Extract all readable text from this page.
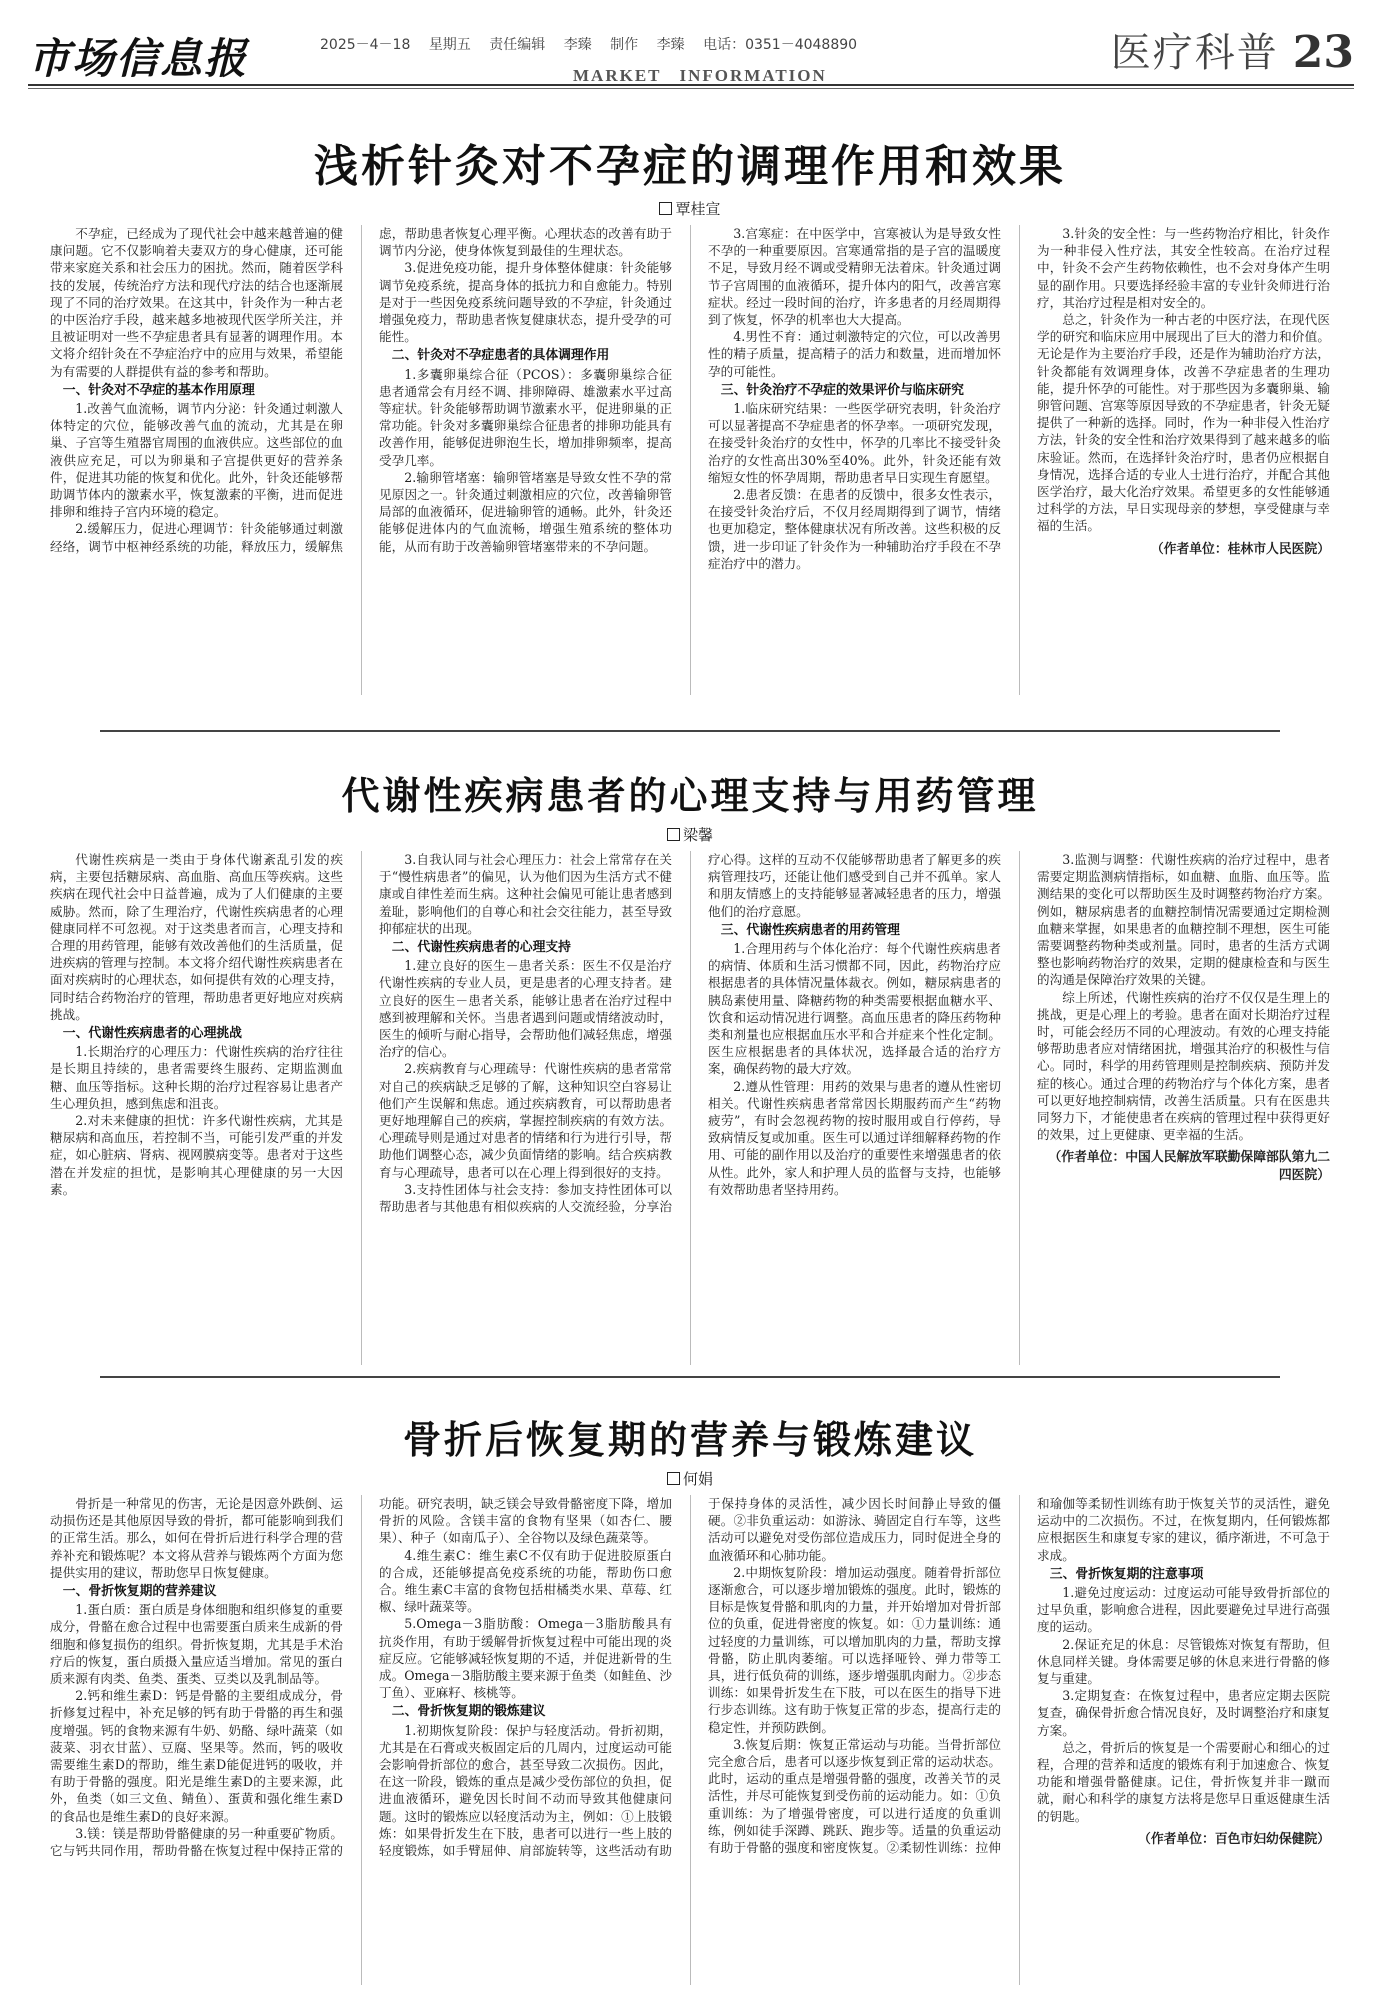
市场信息报	2025－4－18 星期五 责任编辑 李臻 制作 李臻 电话：0351－4048890
MARKET INFORMATION	医疗科普 23
浅析针灸对不孕症的调理作用和效果
覃桂宣

不孕症，已经成为了现代社会中越来越普遍的健康问题。它不仅影响着夫妻双方的身心健康，还可能带来家庭关系和社会压力的困扰。然而，随着医学科技的发展，传统治疗方法和现代疗法的结合也逐渐展现了不同的治疗效果。在这其中，针灸作为一种古老的中医治疗手段，越来越多地被现代医学所关注，并且被证明对一些不孕症患者具有显著的调理作用。本文将介绍针灸在不孕症治疗中的应用与效果，希望能为有需要的人群提供有益的参考和帮助。

一、针灸对不孕症的基本作用原理

1.改善气血流畅，调节内分泌：针灸通过刺激人体特定的穴位，能够改善气血的流动，尤其是在卵巢、子宫等生殖器官周围的血液供应。这些部位的血液供应充足，可以为卵巢和子宫提供更好的营养条件，促进其功能的恢复和优化。此外，针灸还能够帮助调节体内的激素水平，恢复激素的平衡，进而促进排卵和维持子宫内环境的稳定。

2.缓解压力，促进心理调节：针灸能够通过刺激经络，调节中枢神经系统的功能，释放压力，缓解焦虑，帮助患者恢复心理平衡。心理状态的改善有助于调节内分泌，使身体恢复到最佳的生理状态。

3.促进免疫功能，提升身体整体健康：针灸能够调节免疫系统，提高身体的抵抗力和自愈能力。特别是对于一些因免疫系统问题导致的不孕症，针灸通过增强免疫力，帮助患者恢复健康状态，提升受孕的可能性。

二、针灸对不孕症患者的具体调理作用

1.多囊卵巢综合征（PCOS）：多囊卵巢综合征患者通常会有月经不调、排卵障碍、雄激素水平过高等症状。针灸能够帮助调节激素水平，促进卵巢的正常功能。针灸对多囊卵巢综合征患者的排卵功能具有改善作用，能够促进卵泡生长，增加排卵频率，提高受孕几率。

2.输卵管堵塞：输卵管堵塞是导致女性不孕的常见原因之一。针灸通过刺激相应的穴位，改善输卵管局部的血液循环，促进输卵管的通畅。此外，针灸还能够促进体内的气血流畅，增强生殖系统的整体功能，从而有助于改善输卵管堵塞带来的不孕问题。

3.宫寒症：在中医学中，宫寒被认为是导致女性不孕的一种重要原因。宫寒通常指的是子宫的温暖度不足，导致月经不调或受精卵无法着床。针灸通过调节子宫周围的血液循环，提升体内的阳气，改善宫寒症状。经过一段时间的治疗，许多患者的月经周期得到了恢复，怀孕的机率也大大提高。

4.男性不育：通过刺激特定的穴位，可以改善男性的精子质量，提高精子的活力和数量，进而增加怀孕的可能性。

三、针灸治疗不孕症的效果评价与临床研究

1.临床研究结果：一些医学研究表明，针灸治疗可以显著提高不孕症患者的怀孕率。一项研究发现，在接受针灸治疗的女性中，怀孕的几率比不接受针灸治疗的女性高出30%至40%。此外，针灸还能有效缩短女性的怀孕周期，帮助患者早日实现生育愿望。

2.患者反馈：在患者的反馈中，很多女性表示，在接受针灸治疗后，不仅月经周期得到了调节，情绪也更加稳定，整体健康状况有所改善。这些积极的反馈，进一步印证了针灸作为一种辅助治疗手段在不孕症治疗中的潜力。

3.针灸的安全性：与一些药物治疗相比，针灸作为一种非侵入性疗法，其安全性较高。在治疗过程中，针灸不会产生药物依赖性，也不会对身体产生明显的副作用。只要选择经验丰富的专业针灸师进行治疗，其治疗过程是相对安全的。

总之，针灸作为一种古老的中医疗法，在现代医学的研究和临床应用中展现出了巨大的潜力和价值。无论是作为主要治疗手段，还是作为辅助治疗方法，针灸都能有效调理身体，改善不孕症患者的生理功能，提升怀孕的可能性。对于那些因为多囊卵巢、输卵管问题、宫寒等原因导致的不孕症患者，针灸无疑提供了一种新的选择。同时，作为一种非侵入性治疗方法，针灸的安全性和治疗效果得到了越来越多的临床验证。然而，在选择针灸治疗时，患者仍应根据自身情况，选择合适的专业人士进行治疗，并配合其他医学治疗，最大化治疗效果。希望更多的女性能够通过科学的方法，早日实现母亲的梦想，享受健康与幸福的生活。

（作者单位：桂林市人民医院）

代谢性疾病患者的心理支持与用药管理
梁馨

代谢性疾病是一类由于身体代谢紊乱引发的疾病，主要包括糖尿病、高血脂、高血压等疾病。这些疾病在现代社会中日益普遍，成为了人们健康的主要威胁。然而，除了生理治疗，代谢性疾病患者的心理健康同样不可忽视。对于这类患者而言，心理支持和合理的用药管理，能够有效改善他们的生活质量，促进疾病的管理与控制。本文将介绍代谢性疾病患者在面对疾病时的心理状态，如何提供有效的心理支持，同时结合药物治疗的管理，帮助患者更好地应对疾病挑战。

一、代谢性疾病患者的心理挑战

1.长期治疗的心理压力：代谢性疾病的治疗往往是长期且持续的，患者需要终生服药、定期监测血糖、血压等指标。这种长期的治疗过程容易让患者产生心理负担，感到焦虑和沮丧。

2.对未来健康的担忧：许多代谢性疾病，尤其是糖尿病和高血压，若控制不当，可能引发严重的并发症，如心脏病、肾病、视网膜病变等。患者对于这些潜在并发症的担忧，是影响其心理健康的另一大因素。

3.自我认同与社会心理压力：社会上常常存在关于“慢性病患者”的偏见，认为他们因为生活方式不健康或自律性差而生病。这种社会偏见可能让患者感到羞耻，影响他们的自尊心和社会交往能力，甚至导致抑郁症状的出现。

二、代谢性疾病患者的心理支持

1.建立良好的医生－患者关系：医生不仅是治疗代谢性疾病的专业人员，更是患者的心理支持者。建立良好的医生－患者关系，能够让患者在治疗过程中感到被理解和关怀。当患者遇到问题或情绪波动时，医生的倾听与耐心指导，会帮助他们减轻焦虑，增强治疗的信心。

2.疾病教育与心理疏导：代谢性疾病的患者常常对自己的疾病缺乏足够的了解，这种知识空白容易让他们产生误解和焦虑。通过疾病教育，可以帮助患者更好地理解自己的疾病，掌握控制疾病的有效方法。心理疏导则是通过对患者的情绪和行为进行引导，帮助他们调整心态，减少负面情绪的影响。结合疾病教育与心理疏导，患者可以在心理上得到很好的支持。

3.支持性团体与社会支持：参加支持性团体可以帮助患者与其他患有相似疾病的人交流经验，分享治疗心得。这样的互动不仅能够帮助患者了解更多的疾病管理技巧，还能让他们感受到自己并不孤单。家人和朋友情感上的支持能够显著减轻患者的压力，增强他们的治疗意愿。

三、代谢性疾病患者的用药管理

1.合理用药与个体化治疗：每个代谢性疾病患者的病情、体质和生活习惯都不同，因此，药物治疗应根据患者的具体情况量体裁衣。例如，糖尿病患者的胰岛素使用量、降糖药物的种类需要根据血糖水平、饮食和运动情况进行调整。高血压患者的降压药物种类和剂量也应根据血压水平和合并症来个性化定制。医生应根据患者的具体状况，选择最合适的治疗方案，确保药物的最大疗效。

2.遵从性管理：用药的效果与患者的遵从性密切相关。代谢性疾病患者常常因长期服药而产生“药物疲劳”，有时会忽视药物的按时服用或自行停药，导致病情反复或加重。医生可以通过详细解释药物的作用、可能的副作用以及治疗的重要性来增强患者的依从性。此外，家人和护理人员的监督与支持，也能够有效帮助患者坚持用药。

3.监测与调整：代谢性疾病的治疗过程中，患者需要定期监测病情指标，如血糖、血脂、血压等。监测结果的变化可以帮助医生及时调整药物治疗方案。例如，糖尿病患者的血糖控制情况需要通过定期检测血糖来掌握，如果患者的血糖控制不理想，医生可能需要调整药物种类或剂量。同时，患者的生活方式调整也影响药物治疗的效果，定期的健康检查和与医生的沟通是保障治疗效果的关键。

综上所述，代谢性疾病的治疗不仅仅是生理上的挑战，更是心理上的考验。患者在面对长期治疗过程时，可能会经历不同的心理波动。有效的心理支持能够帮助患者应对情绪困扰，增强其治疗的积极性与信心。同时，科学的用药管理则是控制疾病、预防并发症的核心。通过合理的药物治疗与个体化方案，患者可以更好地控制病情，改善生活质量。只有在医患共同努力下，才能使患者在疾病的管理过程中获得更好的效果，过上更健康、更幸福的生活。

（作者单位：中国人民解放军联勤保障部队第九二四医院）

骨折后恢复期的营养与锻炼建议
何娟

骨折是一种常见的伤害，无论是因意外跌倒、运动损伤还是其他原因导致的骨折，都可能影响到我们的正常生活。那么，如何在骨折后进行科学合理的营养补充和锻炼呢？本文将从营养与锻炼两个方面为您提供实用的建议，帮助您早日恢复健康。

一、骨折恢复期的营养建议

1.蛋白质：蛋白质是身体细胞和组织修复的重要成分，骨骼在愈合过程中也需要蛋白质来生成新的骨细胞和修复损伤的组织。骨折恢复期，尤其是手术治疗后的恢复，蛋白质摄入量应适当增加。常见的蛋白质来源有肉类、鱼类、蛋类、豆类以及乳制品等。

2.钙和维生素D：钙是骨骼的主要组成成分，骨折修复过程中，补充足够的钙有助于骨骼的再生和强度增强。钙的食物来源有牛奶、奶酪、绿叶蔬菜（如菠菜、羽衣甘蓝）、豆腐、坚果等。然而，钙的吸收需要维生素D的帮助，维生素D能促进钙的吸收，并有助于骨骼的强度。阳光是维生素D的主要来源，此外，鱼类（如三文鱼、鲭鱼）、蛋黄和强化维生素D的食品也是维生素D的良好来源。

3.镁：镁是帮助骨骼健康的另一种重要矿物质。它与钙共同作用，帮助骨骼在恢复过程中保持正常的功能。研究表明，缺乏镁会导致骨骼密度下降，增加骨折的风险。含镁丰富的食物有坚果（如杏仁、腰果）、种子（如南瓜子）、全谷物以及绿色蔬菜等。

4.维生素C：维生素C不仅有助于促进胶原蛋白的合成，还能够提高免疫系统的功能，帮助伤口愈合。维生素C丰富的食物包括柑橘类水果、草莓、红椒、绿叶蔬菜等。

5.Omega－3脂肪酸：Omega－3脂肪酸具有抗炎作用，有助于缓解骨折恢复过程中可能出现的炎症反应。它能够减轻恢复期的不适，并促进新骨的生成。Omega－3脂肪酸主要来源于鱼类（如鲑鱼、沙丁鱼）、亚麻籽、核桃等。

二、骨折恢复期的锻炼建议

1.初期恢复阶段：保护与轻度活动。骨折初期，尤其是在石膏或夹板固定后的几周内，过度运动可能会影响骨折部位的愈合，甚至导致二次损伤。因此，在这一阶段，锻炼的重点是减少受伤部位的负担，促进血液循环，避免因长时间不动而导致其他健康问题。这时的锻炼应以轻度活动为主，例如：①上肢锻炼：如果骨折发生在下肢，患者可以进行一些上肢的轻度锻炼，如手臂屈伸、肩部旋转等，这些活动有助于保持身体的灵活性，减少因长时间静止导致的僵硬。②非负重运动：如游泳、骑固定自行车等，这些活动可以避免对受伤部位造成压力，同时促进全身的血液循环和心肺功能。

2.中期恢复阶段：增加运动强度。随着骨折部位逐渐愈合，可以逐步增加锻炼的强度。此时，锻炼的目标是恢复骨骼和肌肉的力量，并开始增加对骨折部位的负重，促进骨密度的恢复。如：①力量训练：通过轻度的力量训练，可以增加肌肉的力量，帮助支撑骨骼，防止肌肉萎缩。可以选择哑铃、弹力带等工具，进行低负荷的训练，逐步增强肌肉耐力。②步态训练：如果骨折发生在下肢，可以在医生的指导下进行步态训练。这有助于恢复正常的步态，提高行走的稳定性，并预防跌倒。

3.恢复后期：恢复正常运动与功能。当骨折部位完全愈合后，患者可以逐步恢复到正常的运动状态。此时，运动的重点是增强骨骼的强度，改善关节的灵活性，并尽可能恢复到受伤前的运动能力。如：①负重训练：为了增强骨密度，可以进行适度的负重训练，例如徒手深蹲、跳跃、跑步等。适量的负重运动有助于骨骼的强度和密度恢复。②柔韧性训练：拉伸和瑜伽等柔韧性训练有助于恢复关节的灵活性，避免运动中的二次损伤。不过，在恢复期内，任何锻炼都应根据医生和康复专家的建议，循序渐进，不可急于求成。

三、骨折恢复期的注意事项

1.避免过度运动：过度运动可能导致骨折部位的过早负重，影响愈合进程，因此要避免过早进行高强度的运动。

2.保证充足的休息：尽管锻炼对恢复有帮助，但休息同样关键。身体需要足够的休息来进行骨骼的修复与重建。

3.定期复查：在恢复过程中，患者应定期去医院复查，确保骨折愈合情况良好，及时调整治疗和康复方案。

总之，骨折后的恢复是一个需要耐心和细心的过程，合理的营养和适度的锻炼有利于加速愈合、恢复功能和增强骨骼健康。记住，骨折恢复并非一蹴而就，耐心和科学的康复方法将是您早日重返健康生活的钥匙。

（作者单位：百色市妇幼保健院）
